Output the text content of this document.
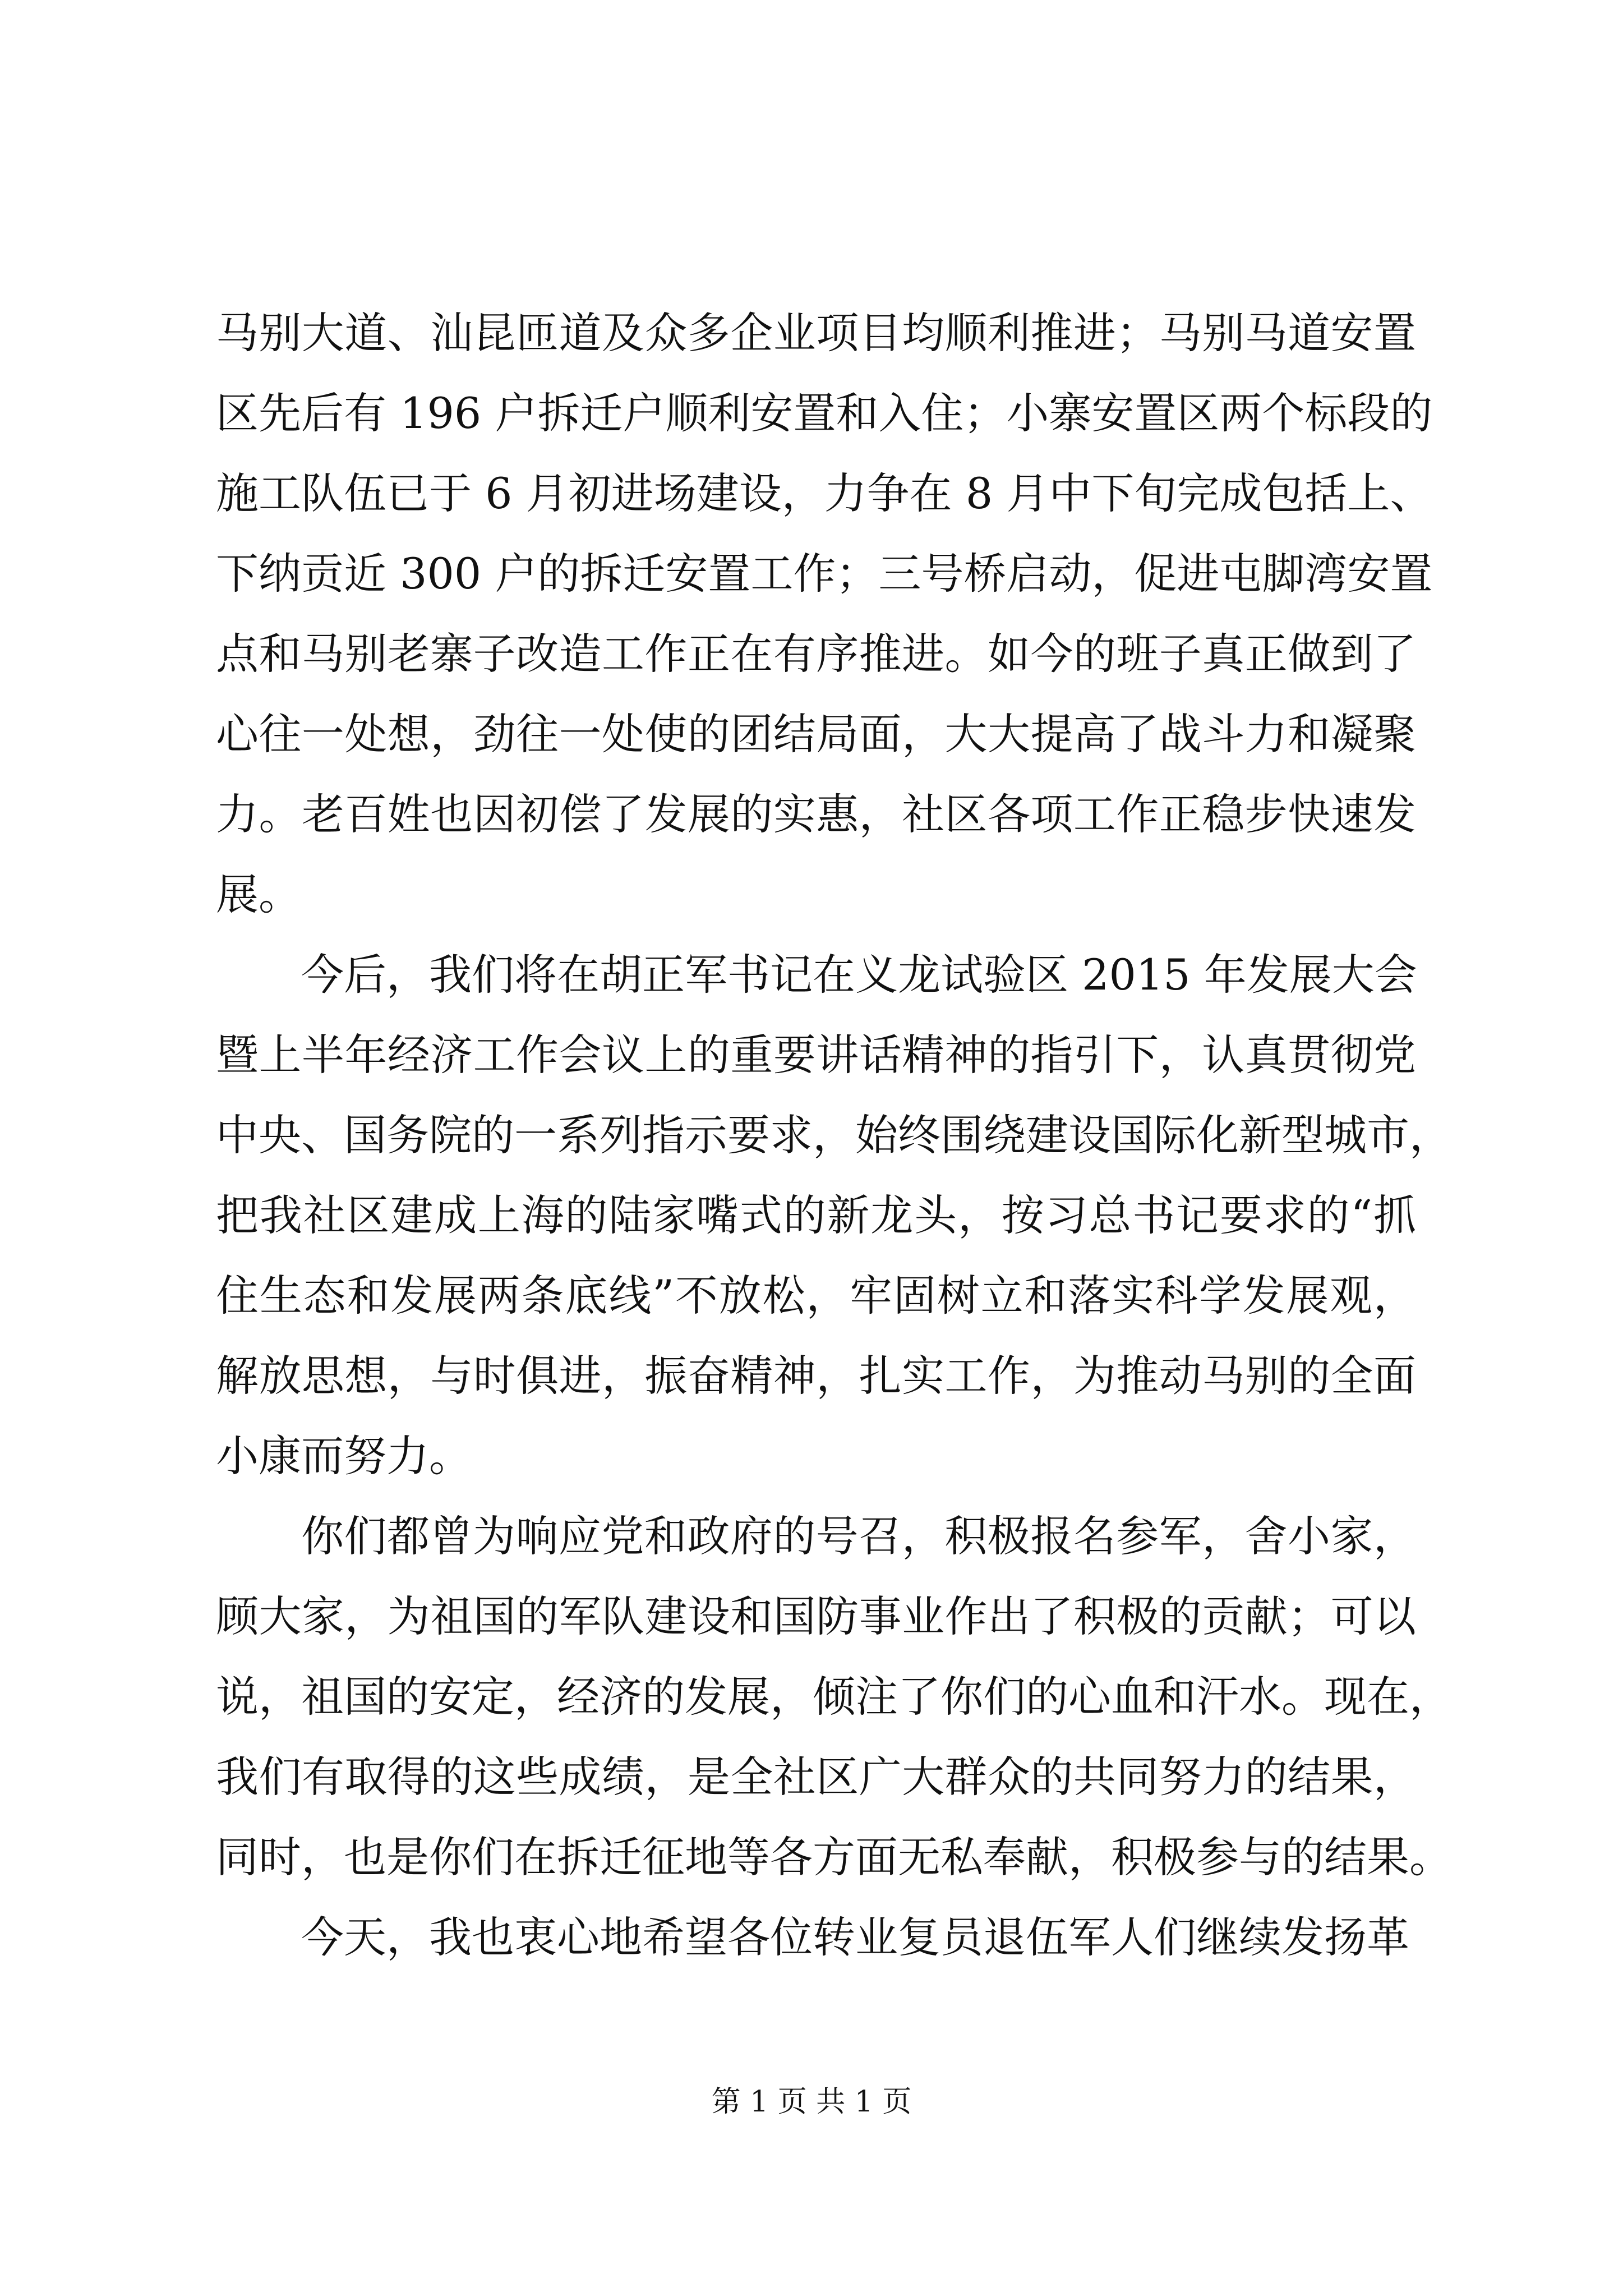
马别大道、汕昆匝道及众多企业项目均顺利推进；马别马道安置
区先后有 196 户拆迁户顺利安置和入住；小寨安置区两个标段的
施工队伍已于 6 月初进场建设，力争在 8 月中下旬完成包括上、
下纳贡近 300 户的拆迁安置工作；三号桥启动，促进屯脚湾安置
点和马别老寨子改造工作正在有序推进。如今的班子真正做到了
心往一处想，劲往一处使的团结局面，大大提高了战斗力和凝聚
力。老百姓也因初偿了发展的实惠，社区各项工作正稳步快速发
展。
今后，我们将在胡正军书记在义龙试验区 2015 年发展大会
暨上半年经济工作会议上的重要讲话精神的指引下，认真贯彻党
中央、国务院的一系列指示要求，始终围绕建设国际化新型城市，
把我社区建成上海的陆家嘴式的新龙头，按习总书记要求的“抓
住生态和发展两条底线”不放松，牢固树立和落实科学发展观，
解放思想，与时俱进，振奋精神，扎实工作，为推动马别的全面
小康而努力。
你们都曾为响应党和政府的号召，积极报名参军，舍小家，
顾大家，为祖国的军队建设和国防事业作出了积极的贡献；可以
说，祖国的安定，经济的发展，倾注了你们的心血和汗水。现在，
我们有取得的这些成绩，是全社区广大群众的共同努力的结果，
同时，也是你们在拆迁征地等各方面无私奉献，积极参与的结果。
今天，我也衷心地希望各位转业复员退伍军人们继续发扬革
第 1 页 共 1 页
